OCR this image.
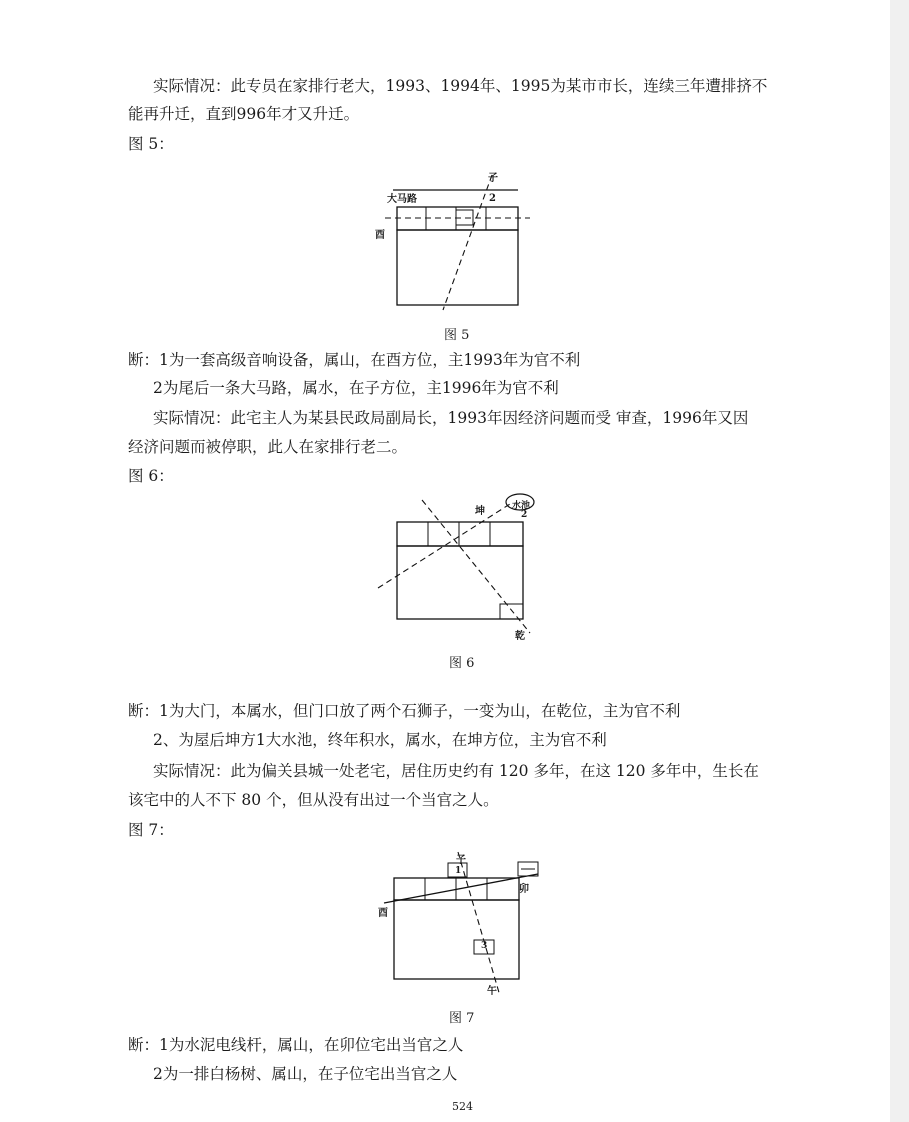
实际情况：此专员在家排行老大，1993、1994年、1995为某市市长，连续三年遭排挤不
能再升迁，直到996年才又升迁。
图 5：
大马路
子
2
酉
图 5
断：1为一套高级音响设备，属山，在酉方位，主1993年为官不利
2为尾后一条大马路，属水，在子方位，主1996年为官不利
实际情况：此宅主人为某县民政局副局长，1993年因经济问题而受 审查，1996年又因
经济问题而被停职，此人在家排行老二。
图 6：
坤	水池
2
乾
图 6
断：1为大门，本属水，但门口放了两个石狮子，一变为山，在乾位，主为官不利
2、为屋后坤方1大水池，终年积水，属水，在坤方位，主为官不利
实际情况：此为偏关县城一处老宅，居住历史约有 120 多年，在这 120 多年中，生长在
该宅中的人不下 80 个，但从没有出过一个当官之人。
图 7：
子
1
卯
酉
3
午
图 7
断：1为水泥电线杆，属山，在卯位宅出当官之人
2为一排白杨树、属山，在子位宅出当官之人
524
